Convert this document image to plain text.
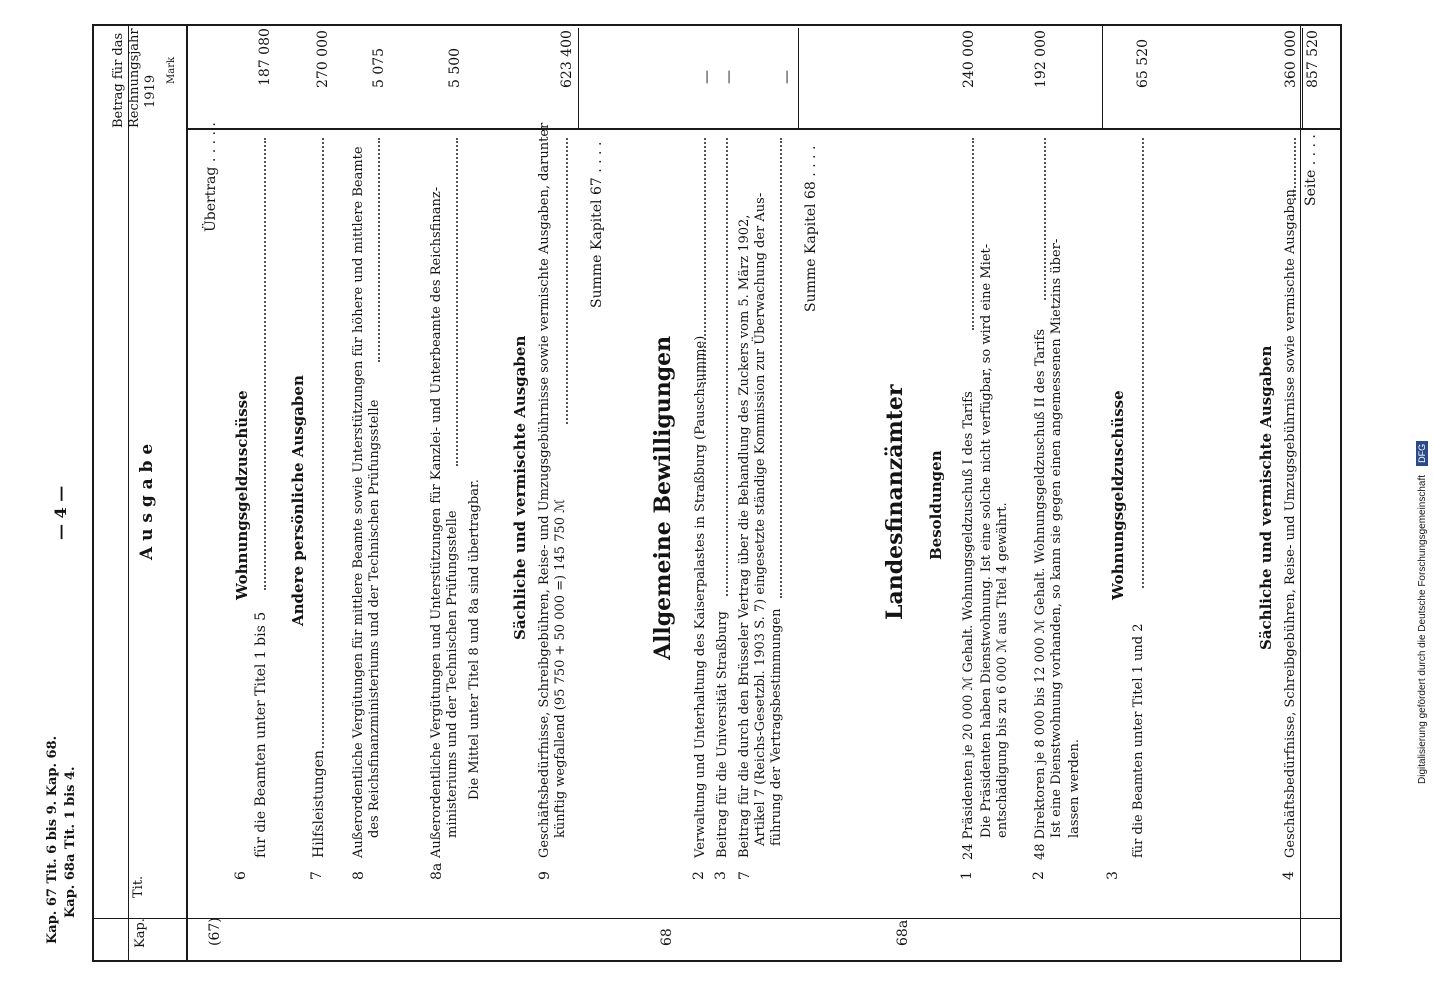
Kap. 67 Tit. 6 bis 9. Kap. 68. Kap. 68a Tit. 1 bis 4.
— 4 —
Kap.
Tit.
A u s g a b e
Betrag für das Rechnungsjahr 1919
Mark
Übertrag . . . . .
(67)
Wohnungsgeldzuschüsse
6
für die Beamten unter Titel 1 bis 5
187 080
Andere persönliche Ausgaben
7
Hilfsleistungen
270 000
8
Außerordentliche Vergütungen für mittlere Beamte sowie Unterstützungen für höhere und mittlere Beamte des Reichsfinanzministeriums und der Technischen Prüfungsstelle
5 075
8a
Außerordentliche Vergütungen und Unterstützungen für Kanzlei- und Unterbeamte des Reichsfinanz- ministeriums und der Technischen Prüfungsstelle Die Mittel unter Titel 8 und 8a sind übertragbar.
5 500
Sächliche und vermischte Ausgaben
9
Geschäftsbedürfnisse, Schreibgebühren, Reise- und Umzugsgebührnisse sowie vermischte Ausgaben, darunter künftig wegfallend (95 750 + 50 000 =) 145 750 ℳ
623 400
Summe Kapitel 67 . . . .
68
Allgemeine Bewilligungen
2
Verwaltung und Unterhaltung des Kaiserpalastes in Straßburg (Pauschsumme)
—
3
Beitrag für die Universität Straßburg
—
7
Beitrag für die durch den Brüsseler Vertrag über die Behandlung des Zuckers vom 5. März 1902, Artikel 7 (Reichs-Gesetzbl. 1903 S. 7) eingesetzte ständige Kommission zur Überwachung der Aus- führung der Vertragsbestimmungen
—
Summe Kapitel 68 . . . .
68a
Landesfinanzämter Besoldungen
1
24 Präsidenten je 20 000 ℳ Gehalt. Wohnungsgeldzuschuß I des Tarifs Die Präsidenten haben Dienstwohnung. Ist eine solche nicht verfügbar, so wird eine Miet- entschädigung bis zu 6 000 ℳ aus Titel 4 gewährt.
240 000
2
48 Direktoren je 8 000 bis 12 000 ℳ Gehalt. Wohnungsgeldzuschuß II des Tarifs Ist eine Dienstwohnung vorhanden, so kann sie gegen einen angemessenen Mietzins über- lassen werden.
192 000
Wohnungsgeldzuschüsse
3
für die Beamten unter Titel 1 und 2
65 520
Sächliche und vermischte Ausgaben
4
Geschäftsbedürfnisse, Schreibgebühren, Reise- und Umzugsgebührnisse sowie vermischte Ausgaben
360 000
Seite . . . .
857 520
Digitalisierung gefördert durch die Deutsche Forschungsgemeinschaft DFG
